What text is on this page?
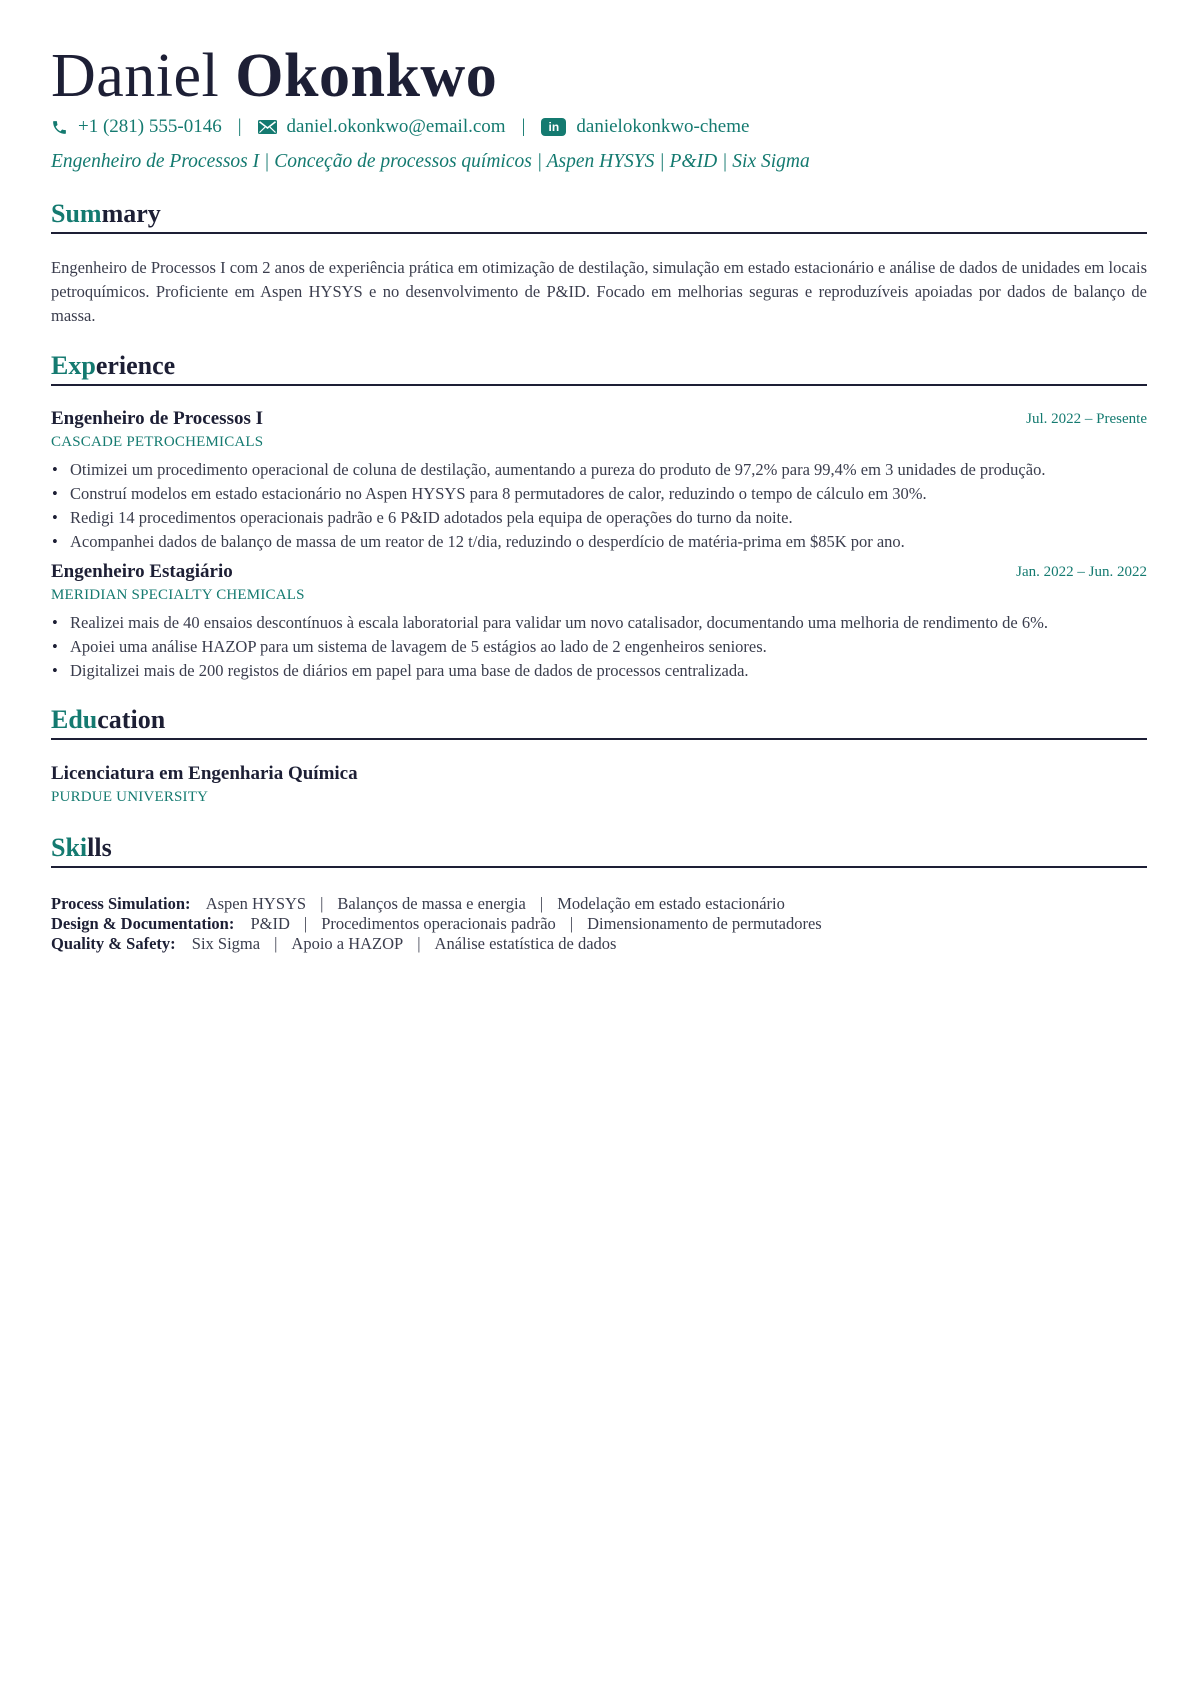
Daniel Okonkwo
+1 (281) 555-0146 | daniel.okonkwo@email.com |	in danielokonkwo-cheme
Engenheiro de Processos I | Conceção de processos químicos | Aspen HYSYS | P&ID | Six Sigma
Summary
Engenheiro de Processos I com 2 anos de experiência prática em otimização de destilação, simulação em estado estacionário e análise de dados de unidades em locais petroquímicos. Proficiente em Aspen HYSYS e no desenvolvimento de P&ID. Focado em melhorias seguras e reproduzíveis apoiadas por dados de balanço de massa.
Experience
Engenheiro de Processos I	Jul. 2022 – Presente
CASCADE PETROCHEMICALS
• Otimizei um procedimento operacional de coluna de destilação, aumentando a pureza do produto de 97,2% para 99,4% em 3 unidades de produção.
• Construí modelos em estado estacionário no Aspen HYSYS para 8 permutadores de calor, reduzindo o tempo de cálculo em 30%.
• Redigi 14 procedimentos operacionais padrão e 6 P&ID adotados pela equipa de operações do turno da noite.
• Acompanhei dados de balanço de massa de um reator de 12 t/dia, reduzindo o desperdício de matéria-prima em $85K por ano.
Engenheiro Estagiário	Jan. 2022 – Jun. 2022
MERIDIAN SPECIALTY CHEMICALS
• Realizei mais de 40 ensaios descontínuos à escala laboratorial para validar um novo catalisador, documentando uma melhoria de rendimento de 6%.
• Apoiei uma análise HAZOP para um sistema de lavagem de 5 estágios ao lado de 2 engenheiros seniores.
• Digitalizei mais de 200 registos de diários em papel para uma base de dados de processos centralizada.
Education
Licenciatura em Engenharia Química
PURDUE UNIVERSITY
Skills
Process Simulation: Aspen HYSYS | Balanços de massa e energia | Modelação em estado estacionário
Design & Documentation: P&ID | Procedimentos operacionais padrão | Dimensionamento de permutadores
Quality & Safety: Six Sigma | Apoio a HAZOP | Análise estatística de dados
